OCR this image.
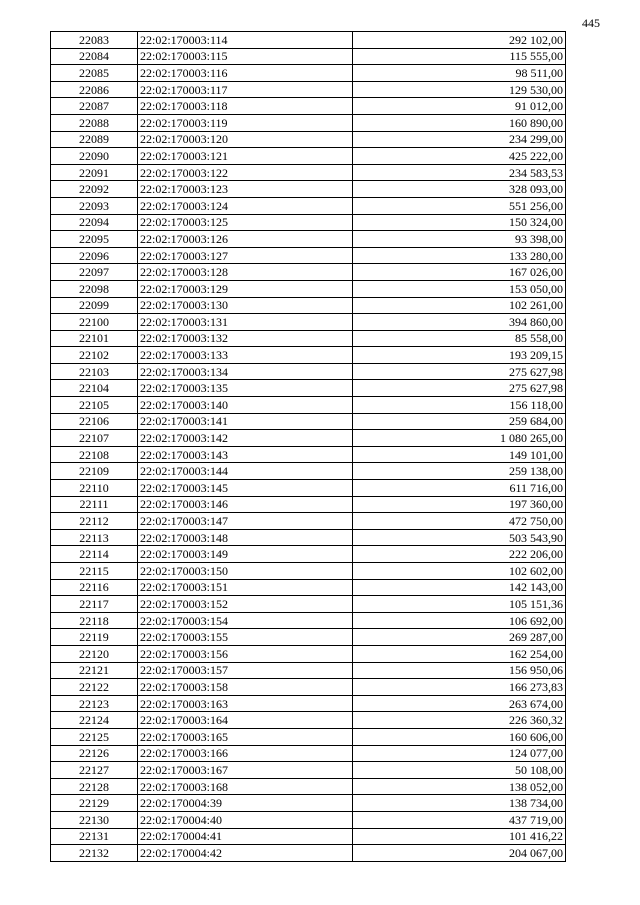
445
22083	22:02:170003:114	292 102,00
22084	22:02:170003:115	115 555,00
22085	22:02:170003:116	98 511,00
22086	22:02:170003:117	129 530,00
22087	22:02:170003:118	91 012,00
22088	22:02:170003:119	160 890,00
22089	22:02:170003:120	234 299,00
22090	22:02:170003:121	425 222,00
22091	22:02:170003:122	234 583,53
22092	22:02:170003:123	328 093,00
22093	22:02:170003:124	551 256,00
22094	22:02:170003:125	150 324,00
22095	22:02:170003:126	93 398,00
22096	22:02:170003:127	133 280,00
22097	22:02:170003:128	167 026,00
22098	22:02:170003:129	153 050,00
22099	22:02:170003:130	102 261,00
22100	22:02:170003:131	394 860,00
22101	22:02:170003:132	85 558,00
22102	22:02:170003:133	193 209,15
22103	22:02:170003:134	275 627,98
22104	22:02:170003:135	275 627,98
22105	22:02:170003:140	156 118,00
22106	22:02:170003:141	259 684,00
22107	22:02:170003:142	1 080 265,00
22108	22:02:170003:143	149 101,00
22109	22:02:170003:144	259 138,00
22110	22:02:170003:145	611 716,00
22111	22:02:170003:146	197 360,00
22112	22:02:170003:147	472 750,00
22113	22:02:170003:148	503 543,90
22114	22:02:170003:149	222 206,00
22115	22:02:170003:150	102 602,00
22116	22:02:170003:151	142 143,00
22117	22:02:170003:152	105 151,36
22118	22:02:170003:154	106 692,00
22119	22:02:170003:155	269 287,00
22120	22:02:170003:156	162 254,00
22121	22:02:170003:157	156 950,06
22122	22:02:170003:158	166 273,83
22123	22:02:170003:163	263 674,00
22124	22:02:170003:164	226 360,32
22125	22:02:170003:165	160 606,00
22126	22:02:170003:166	124 077,00
22127	22:02:170003:167	50 108,00
22128	22:02:170003:168	138 052,00
22129	22:02:170004:39	138 734,00
22130	22:02:170004:40	437 719,00
22131	22:02:170004:41	101 416,22
22132	22:02:170004:42	204 067,00
